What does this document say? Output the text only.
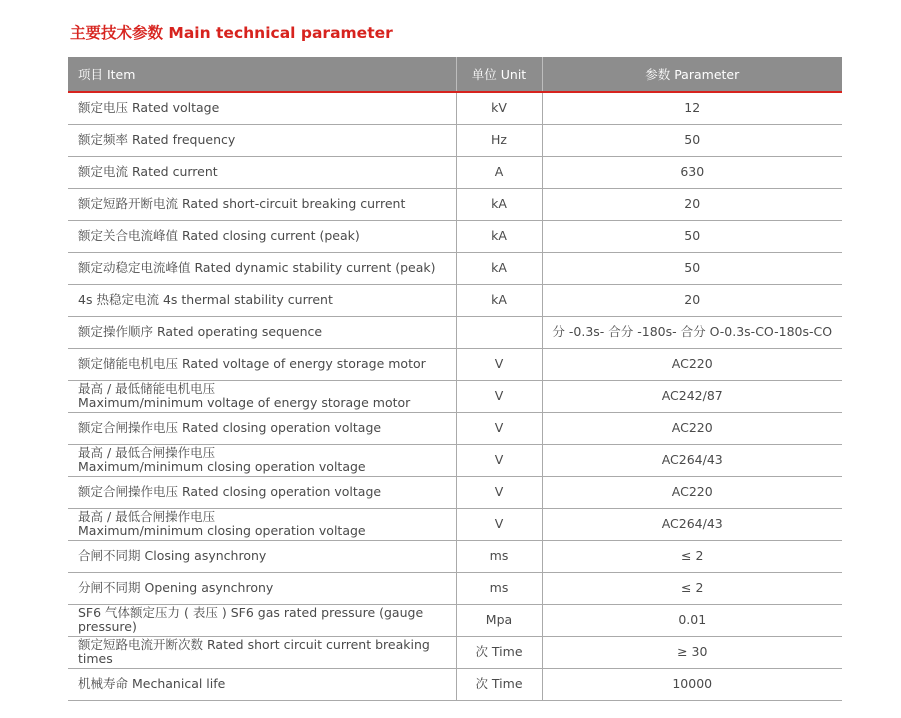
主要技术参数 Main technical parameter
项目 Item	单位 Unit	参数 Parameter
额定电压 Rated voltage	kV	12
额定频率 Rated frequency	Hz	50
额定电流 Rated current	A	630
额定短路开断电流 Rated short-circuit breaking current	kA	20
额定关合电流峰值 Rated closing current (peak)	kA	50
额定动稳定电流峰值 Rated dynamic stability current (peak)	kA	50
4s 热稳定电流 4s thermal stability current	kA	20
额定操作顺序 Rated operating sequence		分 -0.3s- 合分 -180s- 合分 O-0.3s-CO-180s-CO
额定储能电机电压 Rated voltage of energy storage motor	V	AC220

最高 / 最低储能电机电压
Maximum/minimum voltage of energy storage motor	V	AC242/87
额定合闸操作电压 Rated closing operation voltage	V	AC220

最高 / 最低合闸操作电压
Maximum/minimum closing operation voltage	V	AC264/43
额定合闸操作电压 Rated closing operation voltage	V	AC220

最高 / 最低合闸操作电压
Maximum/minimum closing operation voltage	V	AC264/43
合闸不同期 Closing asynchrony	ms	≤ 2
分闸不同期 Opening asynchrony	ms	≤ 2
SF6 气体额定压力 ( 表压 ) SF6 gas rated pressure (gauge pressure)	Mpa	0.01
额定短路电流开断次数 Rated short circuit current breaking times	次 Time	≥ 30
机械寿命 Mechanical life	次 Time	10000
